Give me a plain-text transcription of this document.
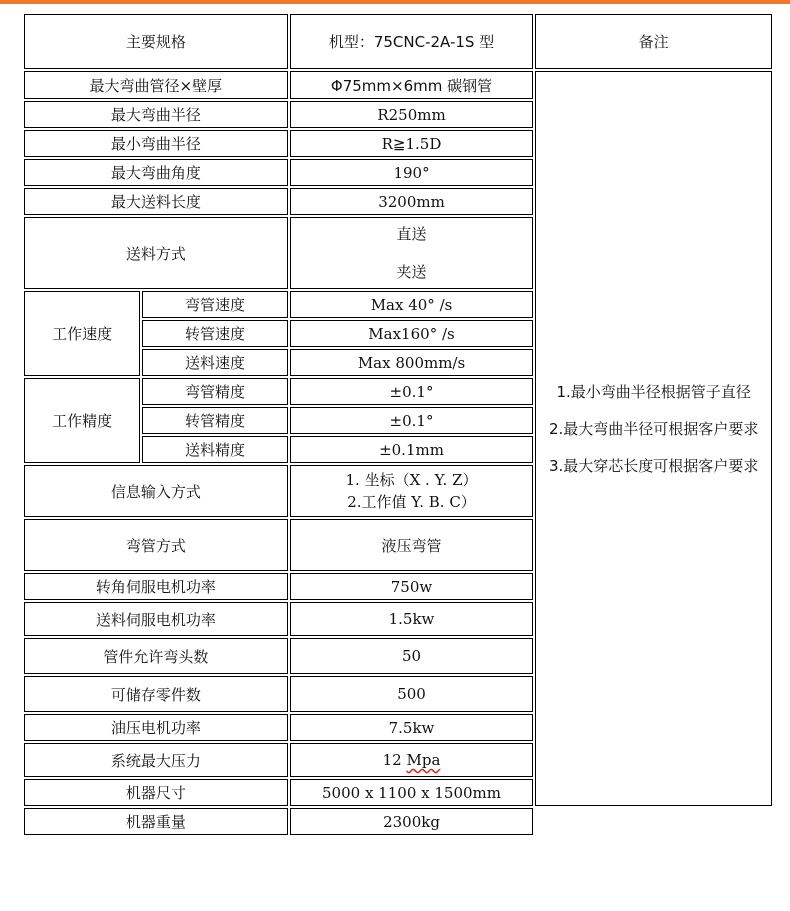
主要规格		机型：75CNC-2A-1S 型	备注
最大弯曲管径×壁厚		Φ75mm×6mm 碳钢管	1.最小弯曲半径根据管子直径
2.最大弯曲半径可根据客户要求
3.最大穿芯长度可根据客户要求

最大弯曲半径		R250mm	
最小弯曲半径		R≧1.5D	
最大弯曲角度		190°	
最大送料长度		3200mm	
送料方式		直送
夹送	

工作速度	弯管速度	Max 40° /s	
	转管速度	Max160° /s	
	送料速度	Max 800mm/s	
工作精度	弯管精度	±0.1°	
	转管精度	±0.1°	
	送料精度	±0.1mm	
信息输入方式		1. 坐标（X . Y. Z）
2.工作值 Y. B. C）	

弯管方式		液压弯管	
转角伺服电机功率		750w	
送料伺服电机功率		1.5kw	
管件允许弯头数		50	
可储存零件数		500	
油压电机功率		7.5kw	
系统最大压力		12 Mpa	
机器尺寸		5000 x 1100 x 1500mm	
机器重量		2300kg	
